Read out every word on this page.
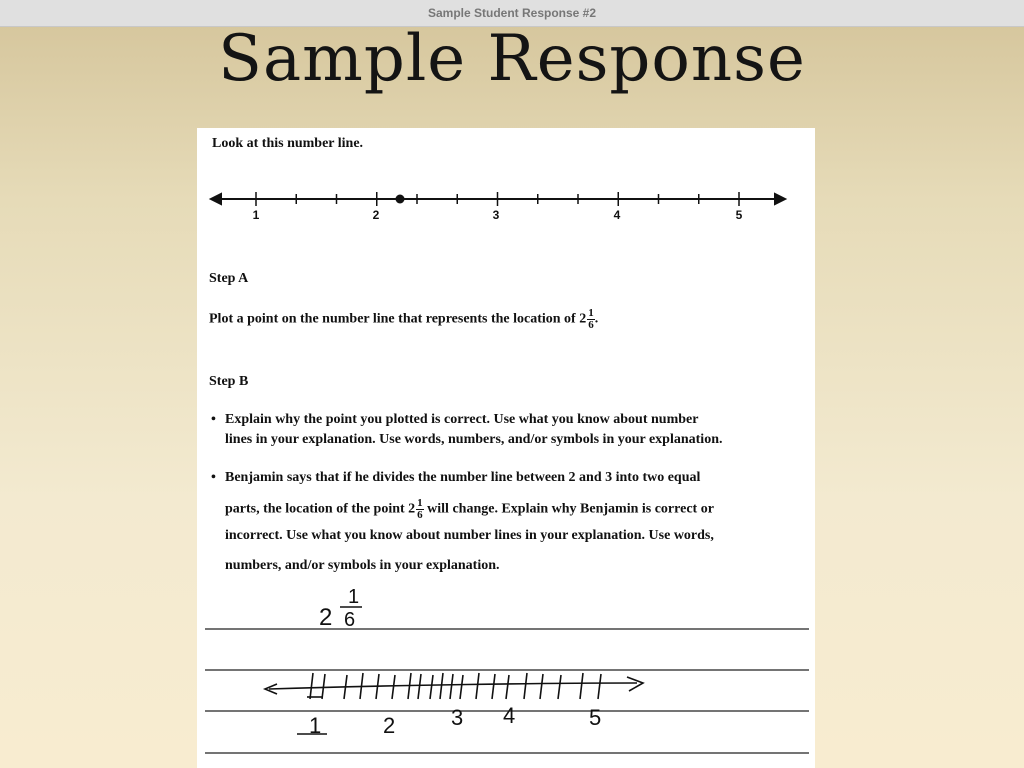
Sample Student Response #2
Sample Response
Look at this number line.
1	2	3	4	5
Step A
Plot a point on the number line that represents the location of $2 \frac{1}{6}$ .
Step B
• Explain why the point you plotted is correct. Use what you know about number
lines in your explanation. Use words, numbers, and/or symbols in your explanation.
• Benjamin says that if he divides the number line between 2 and 3 into two equal
parts, the location of the point $2 \frac{1}{6}$ will change. Explain why Benjamin is correct or
incorrect. Use what you know about number lines in your explanation. Use words,
numbers, and/or symbols in your explanation.
2
1
6
1	2	3 4	5
